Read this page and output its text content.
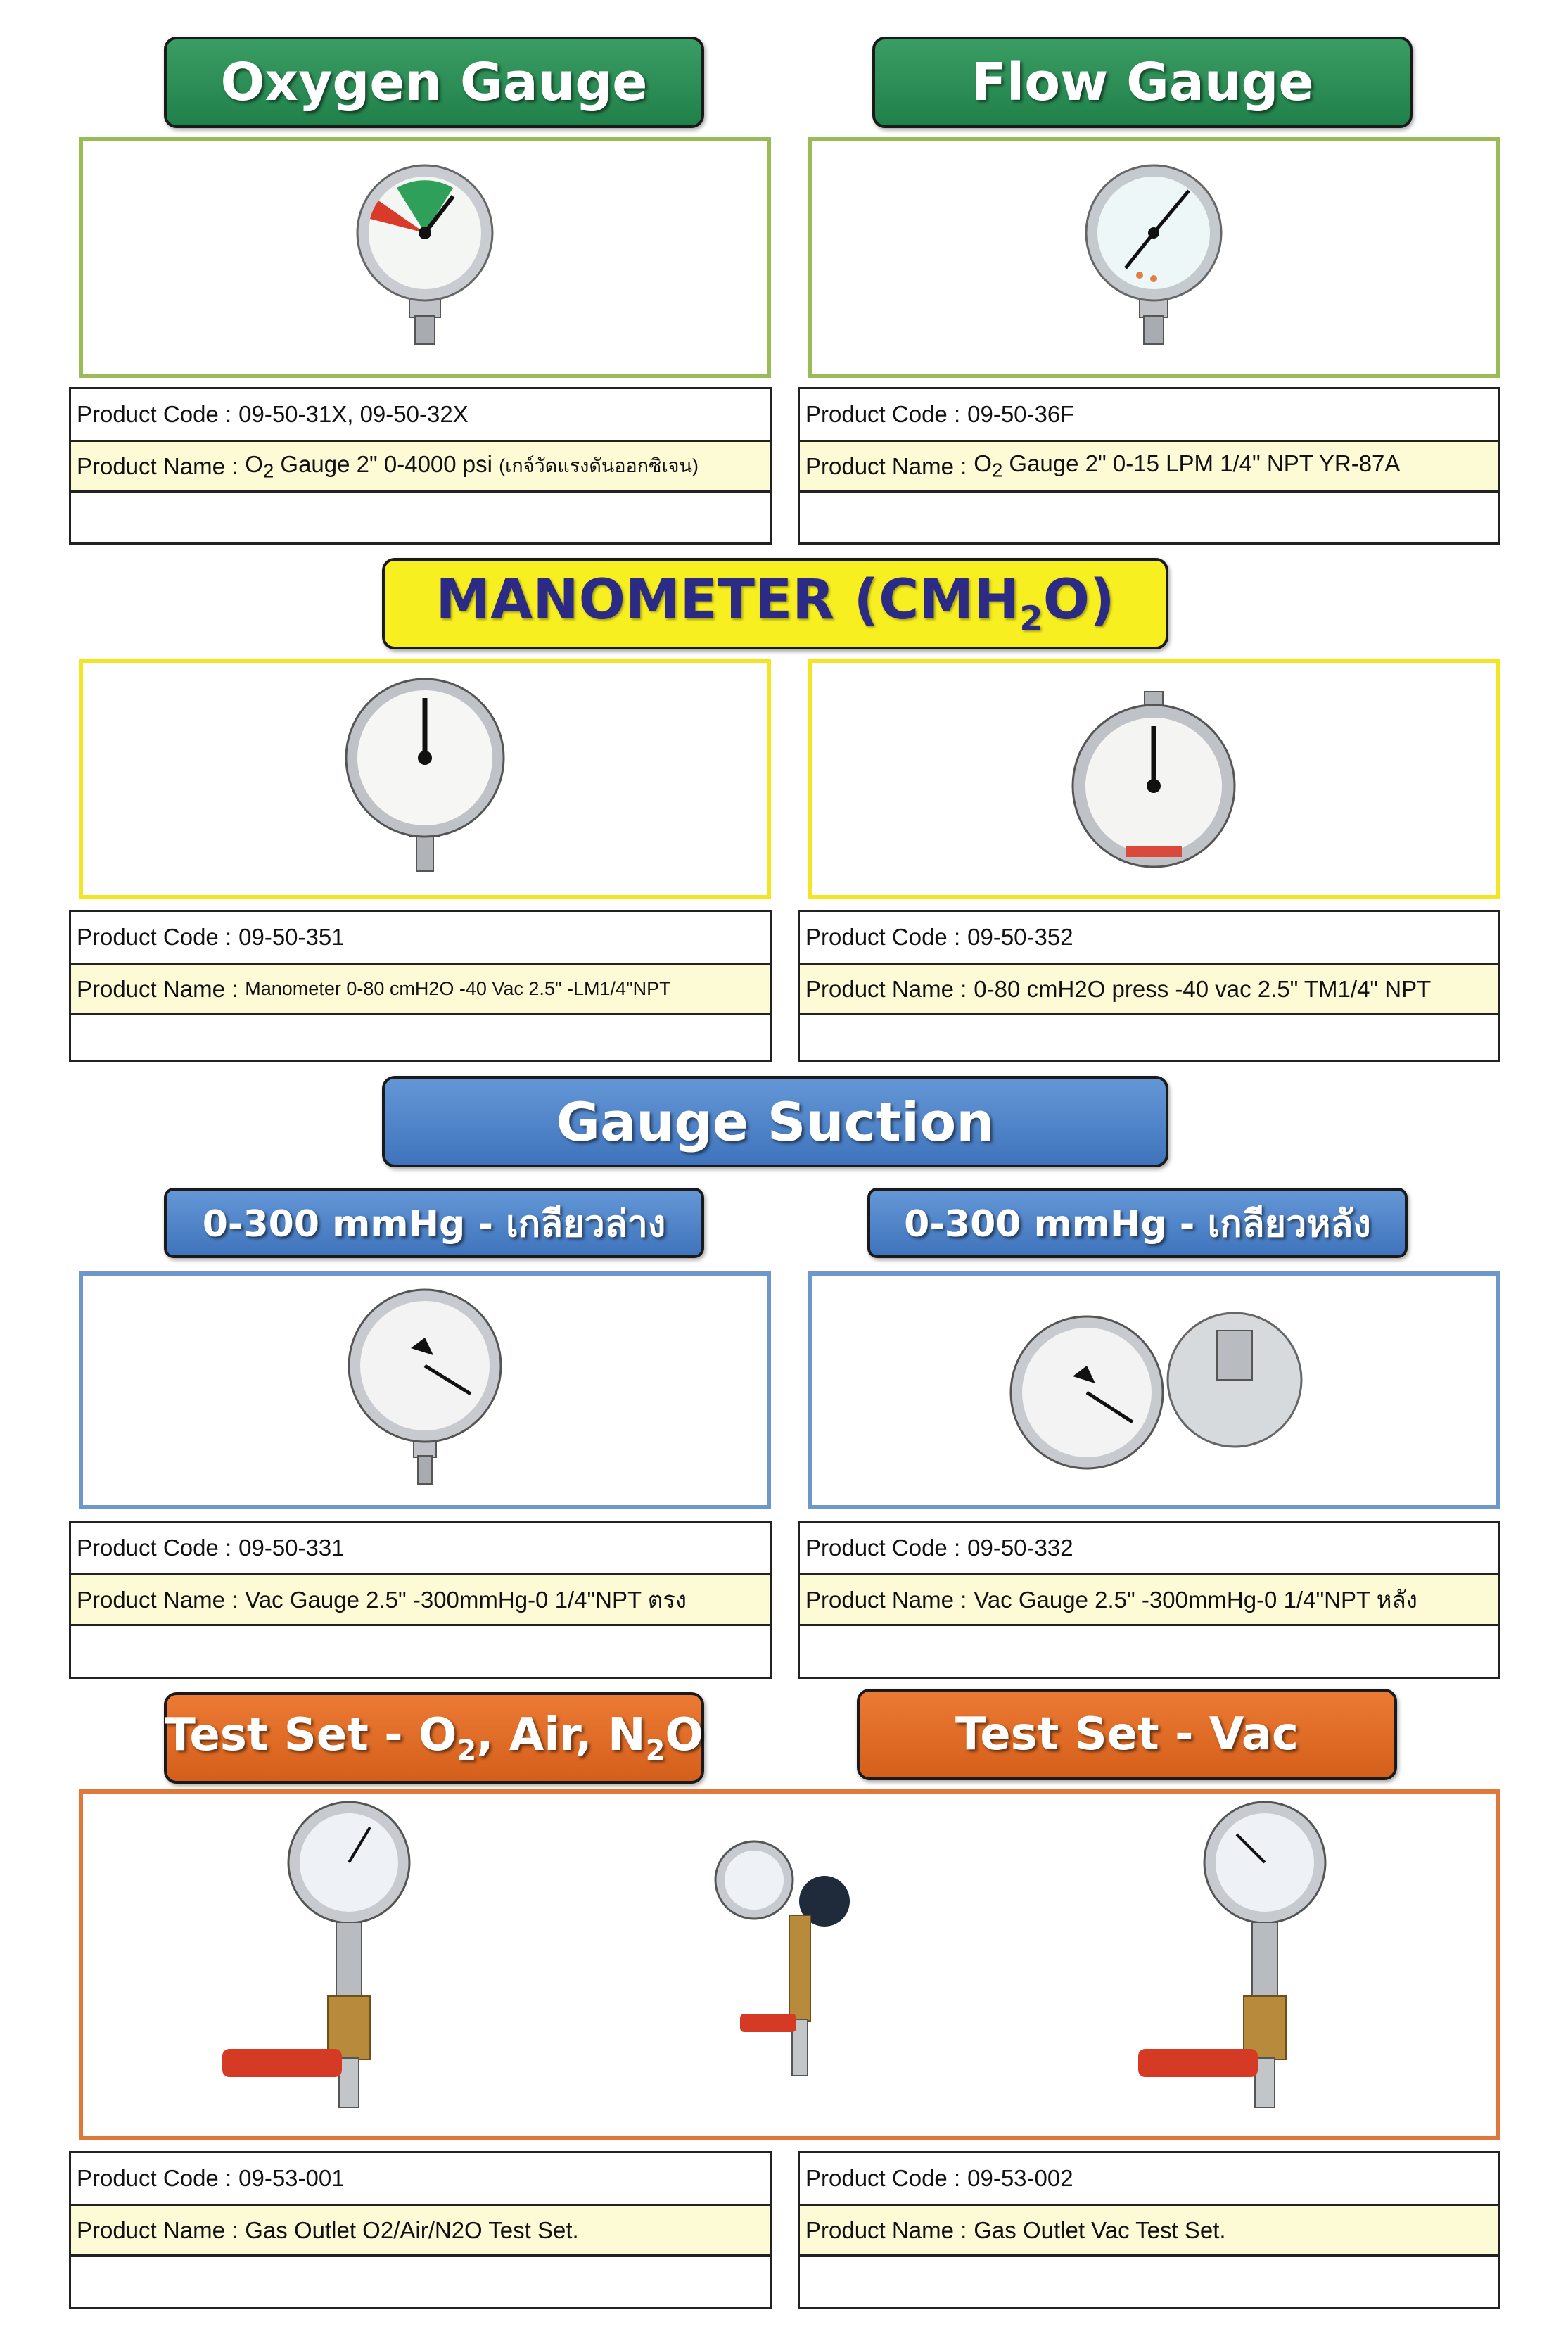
Oxygen Gauge	Flow Gauge
Product Code : 09-50-31X, 09-50-32X
Product Name : $O_2$ Gauge 2" 0-4000 psi (เกจ์วัดแรงดันออกซิเจน)
Product Code : 09-50-36F
Product Name : $O_2$ Gauge 2" 0-15 LPM 1/4" NPT YR-87A
MANOMETER $(CMH_2O)$
Product Code : 09-50-351
Product Name : Manometer 0-80 cmH2O -40 Vac 2.5" -LM1/4"NPT
Product Code : 09-50-352
Product Name : 0-80 cmH2O press -40 vac 2.5" TM1/4" NPT
Gauge Suction
0-300 mmHg - เกลียวล่าง	0-300 mmHg - เกลียวหลัง
Product Code : 09-50-331
Product Name : Vac Gauge 2.5" -300mmHg-0 1/4"NPT ตรง
Product Code : 09-50-332
Product Name : Vac Gauge 2.5" -300mmHg-0 1/4"NPT หลัง
Test Set - $O_2$, Air, $N_2O$	Test Set - Vac
Product Code : 09-53-001
Product Name : Gas Outlet O2/Air/N2O Test Set.
Product Code : 09-53-002
Product Name : Gas Outlet Vac Test Set.
